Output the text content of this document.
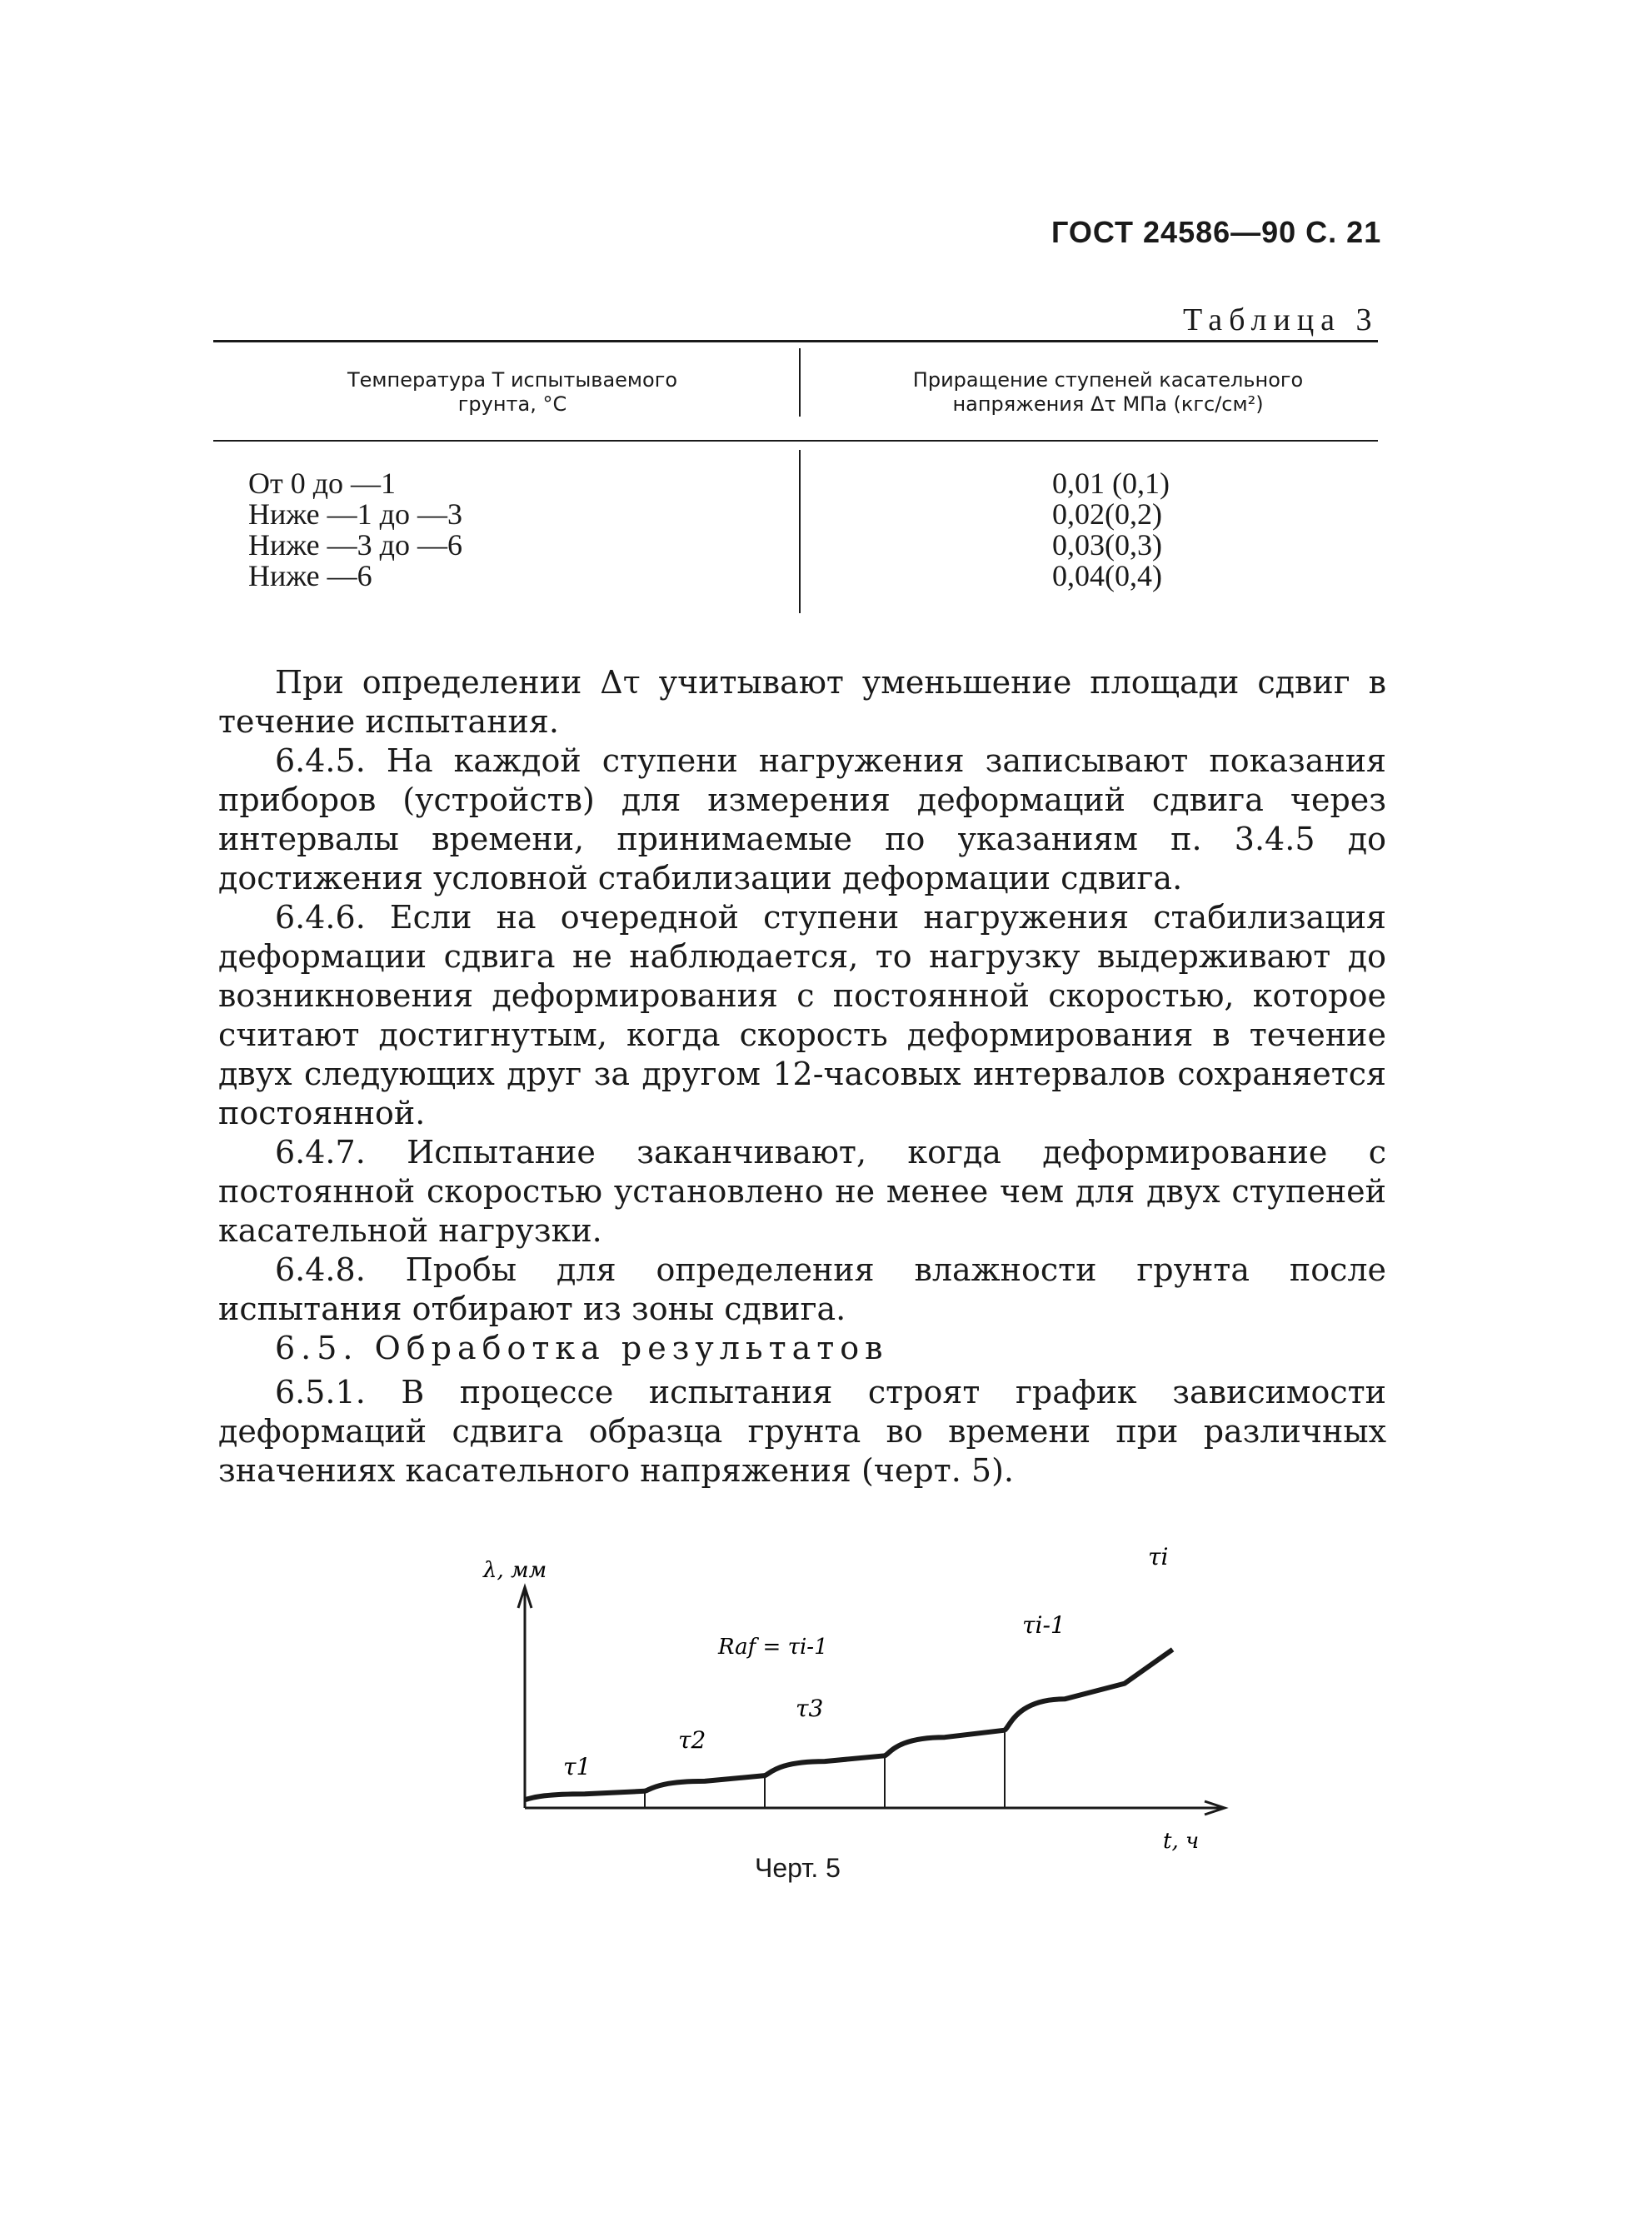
ГОСТ 24586—90 С. 21
Таблица 3
Температура T испытываемого
грунта, °С
Приращение ступеней касательного
напряжения Δτ МПа (кгс/см²)
От 0 до —1
Ниже —1 до —3
Ниже —3 до —6
Ниже —6
0,01 (0,1)
0,02(0,2)
0,03(0,3)
0,04(0,4)
При определении Δτ учитывают уменьшение площади сдвиг в течение испытания.
6.4.5. На каждой ступени нагружения записывают показания приборов (устройств) для измерения деформаций сдвига через интервалы времени, принимаемые по указаниям п. 3.4.5 до достижения условной стабилизации деформации сдвига.
6.4.6. Если на очередной ступени нагружения стабилизация деформации сдвига не наблюдается, то нагрузку выдерживают до возникновения деформирования с постоянной скоростью, которое считают достигнутым, когда скорость деформирования в течение двух следующих друг за другом 12-часовых интервалов сохраняется постоянной.
6.4.7. Испытание заканчивают, когда деформирование с постоянной скоростью установлено не менее чем для двух ступеней касательной нагрузки.
6.4.8. Пробы для определения влажности грунта после испытания отбирают из зоны сдвига.
6.5. Обработка результатов
6.5.1. В процессе испытания строят график зависимости деформаций сдвига образца грунта во времени при различных значениях касательного напряжения (черт. 5).
λ, мм
t, ч
Raf = τi-1
τ1
τ2
τ3
τi-1
τi
Черт. 5
